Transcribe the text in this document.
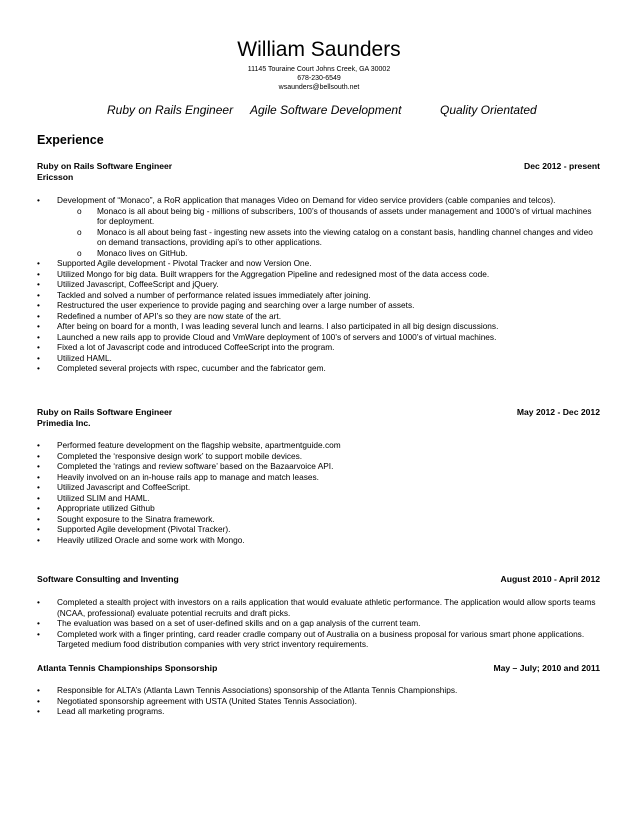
William Saunders
11145 Touraine Court Johns Creek, GA 30002
678-230-6549
wsaunders@bellsouth.net
Ruby on Rails Engineer Agile Software Development	Quality Orientated
Experience
Ruby on Rails Software Engineer	Dec 2012 - present
Ericsson
• Development of “Monaco”, a RoR application that manages Video on Demand for video service providers (cable companies and telcos).
o Monaco is all about being big - millions of subscribers, 100’s of thousands of assets under management and 1000’s of virtual machines for deployment.
o Monaco is all about being fast - ingesting new assets into the viewing catalog on a constant basis, handling channel changes and video on demand transactions, providing api’s to other applications.
o Monaco lives on GitHub.
• Supported Agile development - Pivotal Tracker and now Version One.
• Utilized Mongo for big data. Built wrappers for the Aggregation Pipeline and redesigned most of the data access code.
• Utilized Javascript, CoffeeScript and jQuery.
• Tackled and solved a number of performance related issues immediately after joining.
• Restructured the user experience to provide paging and searching over a large number of assets.
• Redefined a number of API’s so they are now state of the art.
• After being on board for a month, I was leading several lunch and learns. I also participated in all big design discussions.
• Launched a new rails app to provide Cloud and VmWare deployment of 100’s of servers and 1000’s of virtual machines.
• Fixed a lot of Javascript code and introduced CoffeeScript into the program.
• Utilized HAML.
• Completed several projects with rspec, cucumber and the fabricator gem.
Ruby on Rails Software Engineer	May 2012 - Dec 2012
Primedia Inc.
• Performed feature development on the flagship website, apartmentguide.com
• Completed the ‘responsive design work’ to support mobile devices.
• Completed the ‘ratings and review software’ based on the Bazaarvoice API.
• Heavily involved on an in-house rails app to manage and match leases.
• Utilized Javascript and CoffeeScript.
• Utilized SLIM and HAML.
• Appropriate utilized Github
• Sought exposure to the Sinatra framework.
• Supported Agile development (Pivotal Tracker).
• Heavily utilized Oracle and some work with Mongo.
Software Consulting and Inventing	August 2010 - April 2012
• Completed a stealth project with investors on a rails application that would evaluate athletic performance. The application would allow sports teams (NCAA, professional) evaluate potential recruits and draft picks.
• The evaluation was based on a set of user-defined skills and on a gap analysis of the current team.
• Completed work with a finger printing, card reader cradle company out of Australia on a business proposal for various smart phone applications. Targeted medium food distribution companies with very strict inventory requirements.
Atlanta Tennis Championships Sponsorship	May – July; 2010 and 2011
• Responsible for ALTA’s (Atlanta Lawn Tennis Associations) sponsorship of the Atlanta Tennis Championships.
• Negotiated sponsorship agreement with USTA (United States Tennis Association).
• Lead all marketing programs.
